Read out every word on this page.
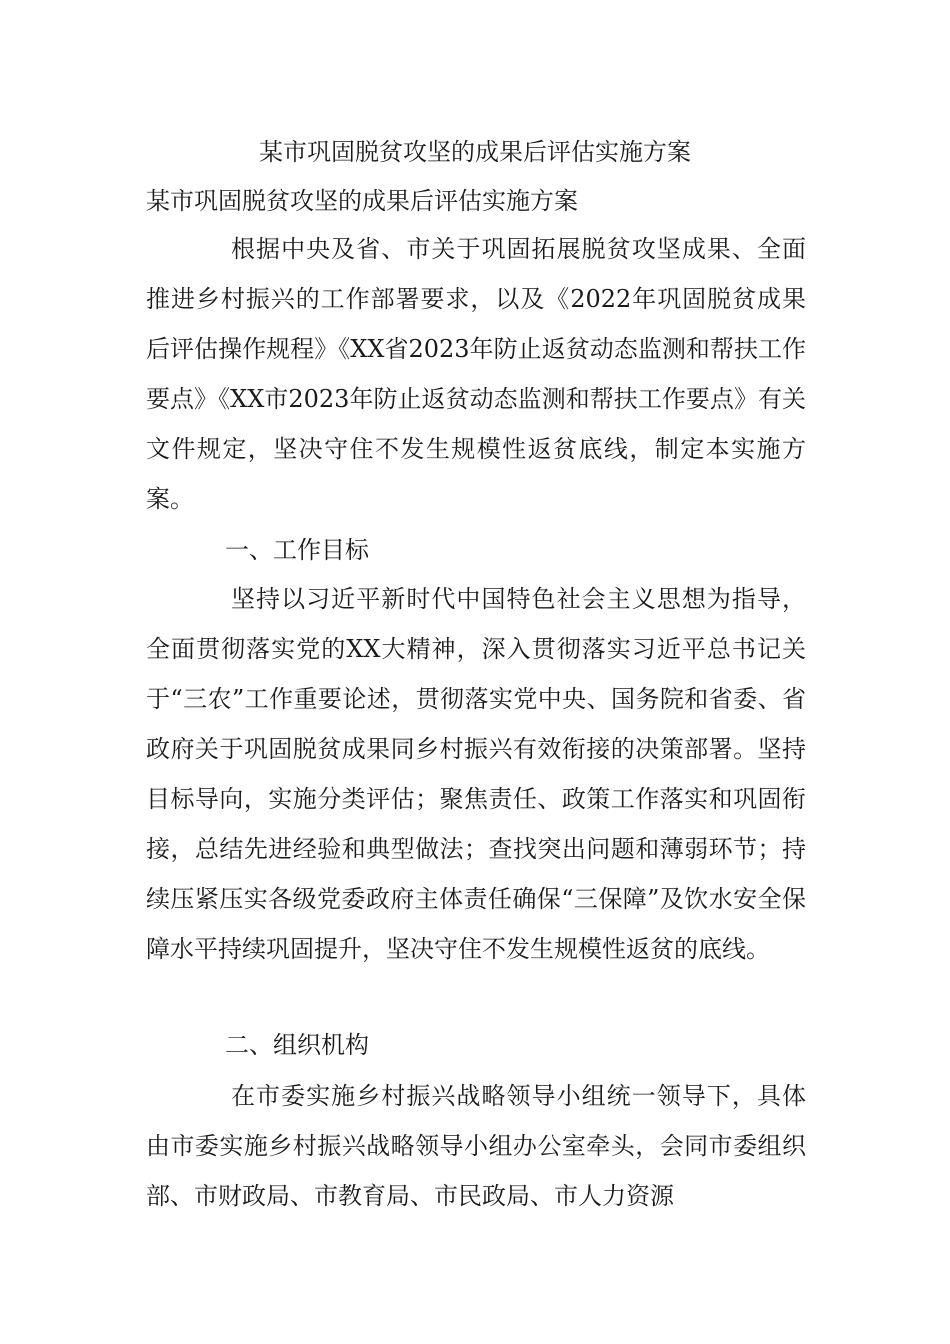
某市巩固脱贫攻坚的成果后评估实施方案
某市巩固脱贫攻坚的成果后评估实施方案

根据中央及省、市关于巩固拓展脱贫攻坚成果、全面推进乡村振兴的工作部署要求，以及《2022年巩固脱贫成果后评估操作规程》《XX省2023年防止返贫动态监测和帮扶工作要点》《XX市2023年防止返贫动态监测和帮扶工作要点》有关文件规定，坚决守住不发生规模性返贫底线，制定本实施方案。

一、工作目标

坚持以习近平新时代中国特色社会主义思想为指导，全面贯彻落实党的XX大精神，深入贯彻落实习近平总书记关于“三农”工作重要论述，贯彻落实党中央、国务院和省委、省政府关于巩固脱贫成果同乡村振兴有效衔接的决策部署。坚持目标导向，实施分类评估；聚焦责任、政策工作落实和巩固衔接，总结先进经验和典型做法；查找突出问题和薄弱环节；持续压紧压实各级党委政府主体责任确保“三保障”及饮水安全保障水平持续巩固提升，坚决守住不发生规模性返贫的底线。

二、组织机构

在市委实施乡村振兴战略领导小组统一领导下，具体由市委实施乡村振兴战略领导小组办公室牵头，会同市委组织部、市财政局、市教育局、市民政局、市人力资源
